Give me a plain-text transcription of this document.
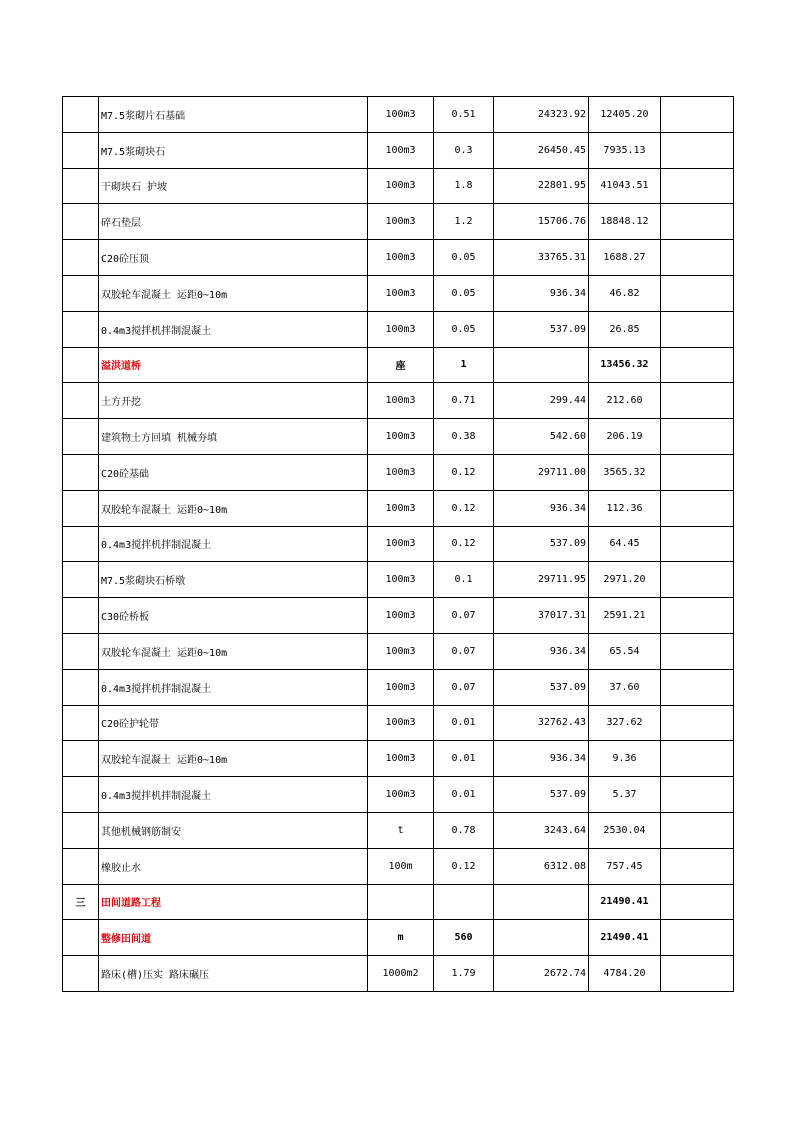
	M7.5浆砌片石基础	100m3	0.51	24323.92	12405.20	
	M7.5浆砌块石	100m3	0.3	26450.45	7935.13	
	干砌块石 护坡	100m3	1.8	22801.95	41043.51	
	碎石垫层	100m3	1.2	15706.76	18848.12	
	C20砼压顶	100m3	0.05	33765.31	1688.27	
	双胶轮车混凝土 运距0~10m	100m3	0.05	936.34	46.82	
	0.4m3搅拌机拌制混凝土	100m3	0.05	537.09	26.85	
	溢洪道桥	座	1		13456.32	
	土方开挖	100m3	0.71	299.44	212.60	
	建筑物土方回填 机械夯填	100m3	0.38	542.60	206.19	
	C20砼基础	100m3	0.12	29711.00	3565.32	
	双胶轮车混凝土 运距0~10m	100m3	0.12	936.34	112.36	
	0.4m3搅拌机拌制混凝土	100m3	0.12	537.09	64.45	
	M7.5浆砌块石桥墩	100m3	0.1	29711.95	2971.20	
	C30砼桥板	100m3	0.07	37017.31	2591.21	
	双胶轮车混凝土 运距0~10m	100m3	0.07	936.34	65.54	
	0.4m3搅拌机拌制混凝土	100m3	0.07	537.09	37.60	
	C20砼护轮带	100m3	0.01	32762.43	327.62	
	双胶轮车混凝土 运距0~10m	100m3	0.01	936.34	9.36	
	0.4m3搅拌机拌制混凝土	100m3	0.01	537.09	5.37	
	其他机械钢筋制安	t	0.78	3243.64	2530.04	
	橡胶止水	100m	0.12	6312.08	757.45	
三	田间道路工程				21490.41	
	整修田间道	m	560		21490.41	
	路床(槽)压实 路床碾压	1000m2	1.79	2672.74	4784.20	
